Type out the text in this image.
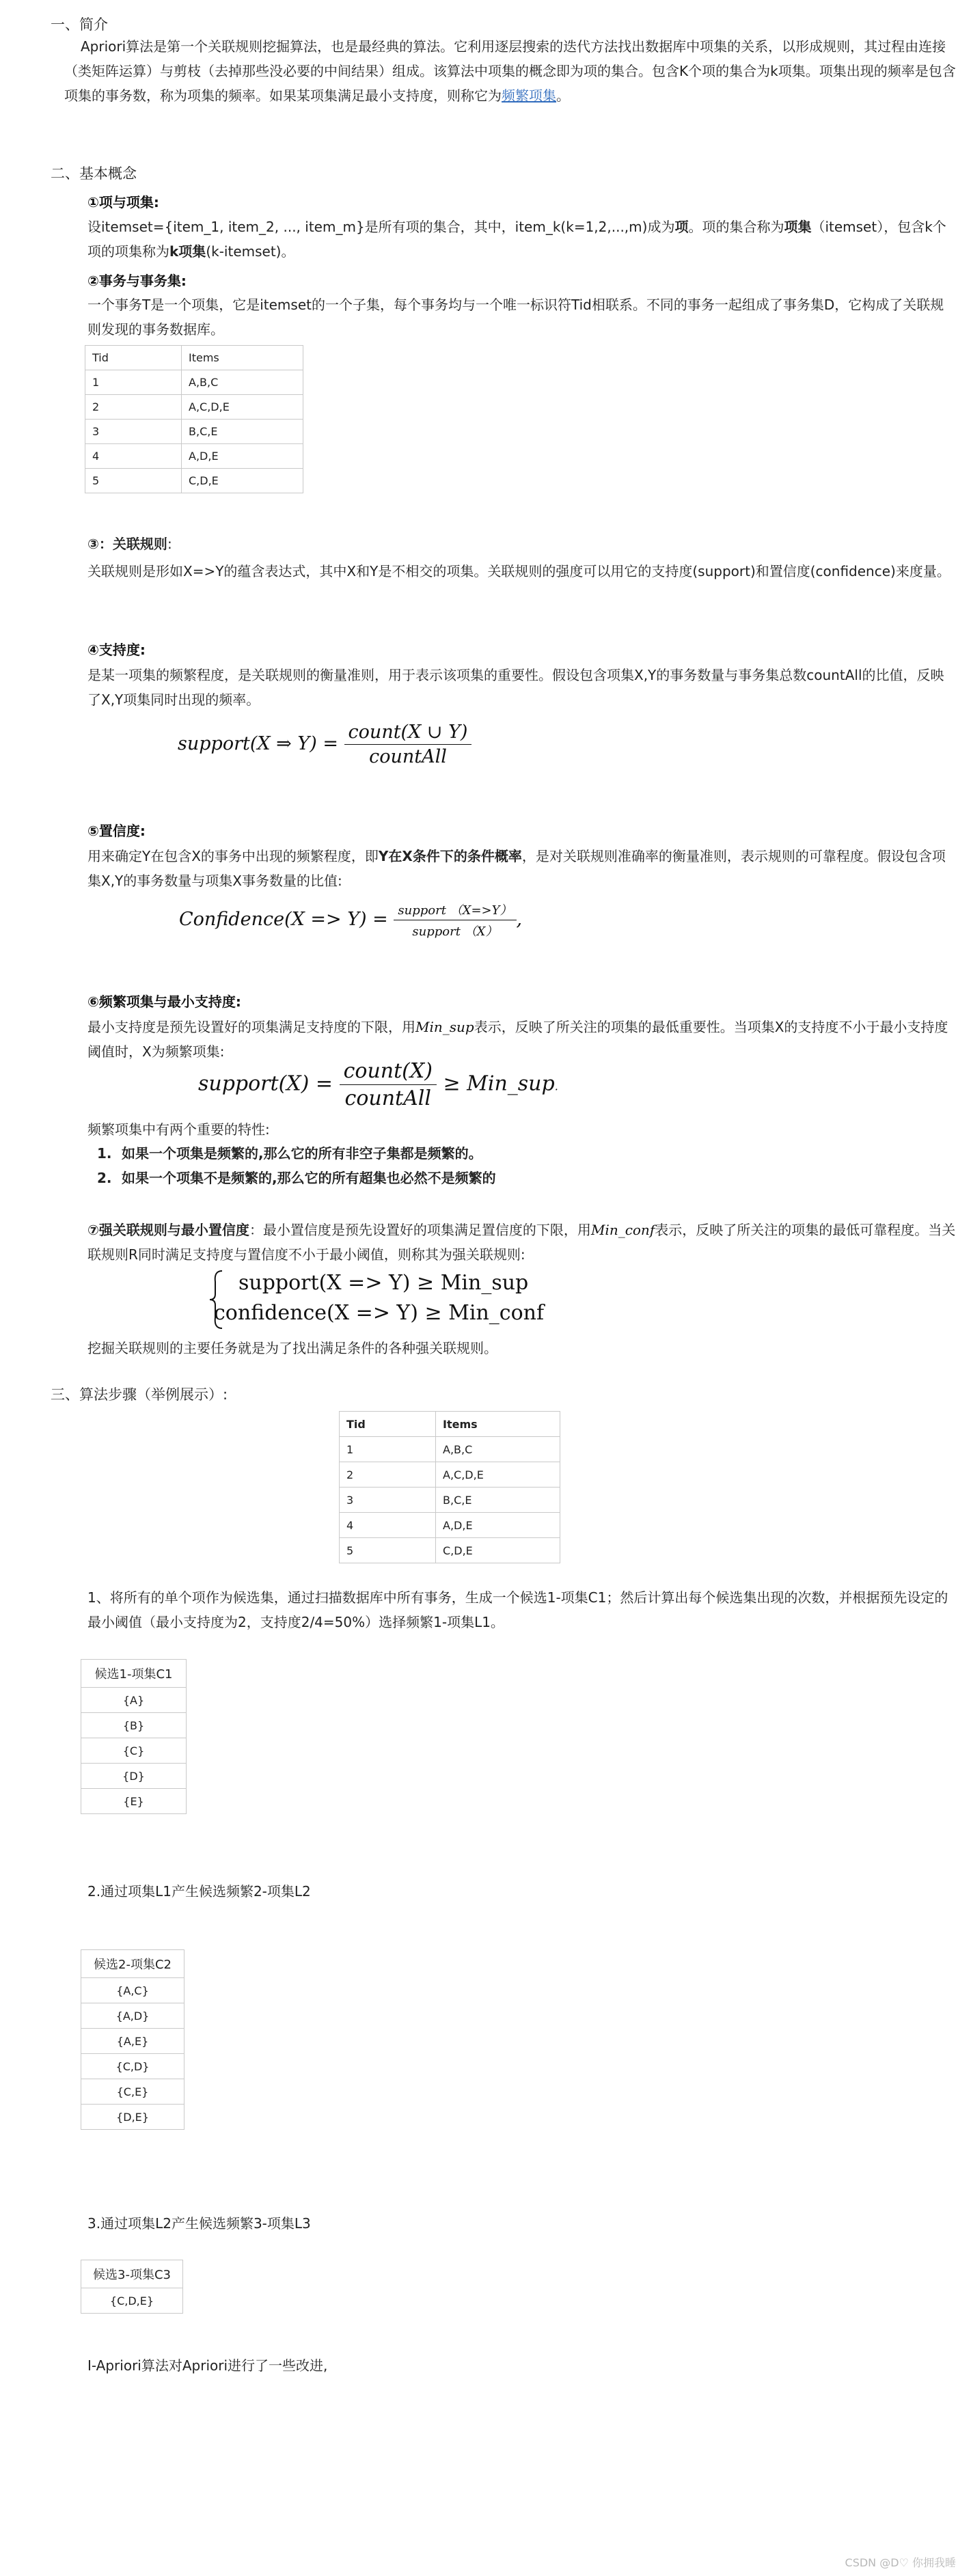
一、简介
Apriori算法是第一个关联规则挖掘算法，也是最经典的算法。它利用逐层搜索的迭代方法找出数据库中项集的关系，以形成规则，其过程由连接（类矩阵运算）与剪枝（去掉那些没必要的中间结果）组成。该算法中项集的概念即为项的集合。包含K个项的集合为k项集。项集出现的频率是包含项集的事务数，称为项集的频率。如果某项集满足最小支持度，则称它为频繁项集。
二、基本概念
①项与项集:
设itemset={item_1, item_2, ..., item_m}是所有项的集合，其中，item_k(k=1,2,...,m)成为项。项的集合称为项集（itemset），包含k个项的项集称为k项集(k-itemset)。
②事务与事务集:
一个事务T是一个项集，它是itemset的一个子集，每个事务均与一个唯一标识符Tid相联系。不同的事务一起组成了事务集D，它构成了关联规则发现的事务数据库。
Tid	Items
1	A,B,C
2	A,C,D,E
3	B,C,E
4	A,D,E
5	C,D,E
③：关联规则:
关联规则是形如X=>Y的蕴含表达式，其中X和Y是不相交的项集。关联规则的强度可以用它的支持度(support)和置信度(confidence)来度量。
④支持度:
是某一项集的频繁程度，是关联规则的衡量准则，用于表示该项集的重要性。假设包含项集X,Y的事务数量与事务集总数countAll的比值，反映了X,Y项集同时出现的频率。
support(X ⇒ $Y) = \frac{\text{count(X ∪ Y)}}{\text{countAll}}$
⑤置信度:
用来确定Y在包含X的事务中出现的频繁程度，即Y在X条件下的条件概率，是对关联规则准确率的衡量准则，表示规则的可靠程度。假设包含项集X,Y的事务数量与项集X事务数量的比值:
Confidence(X => $Y) = \frac{\text{support （X=>Y）}}{\text{support （X）}}$ ,
⑥频繁项集与最小支持度:
最小支持度是预先设置好的项集满足支持度的下限，用Min_sup表示，反映了所关注的项集的最低重要性。当项集X的支持度不小于最小支持度阈值时，X为频繁项集:
support(X) = $\frac{\text{count(X)}}{\text{countAll}}$ ≥ Min_sup.
频繁项集中有两个重要的特性:
1. 如果一个项集是频繁的,那么它的所有非空子集都是频繁的。
2. 如果一个项集不是频繁的,那么它的所有超集也必然不是频繁的
⑦强关联规则与最小置信度：最小置信度是预先设置好的项集满足置信度的下限，用Min_conf表示，反映了所关注的项集的最低可靠程度。当关联规则R同时满足支持度与置信度不小于最小阈值，则称其为强关联规则:
support(X => Y) ≥ Min_sup
confidence(X => Y) ≥ Min_conf
挖掘关联规则的主要任务就是为了找出满足条件的各种强关联规则。
三、算法步骤（举例展示）:
Tid	Items
1	A,B,C
2	A,C,D,E
3	B,C,E
4	A,D,E
5	C,D,E
1、将所有的单个项作为候选集，通过扫描数据库中所有事务，生成一个候选1-项集C1；然后计算出每个候选集出现的次数，并根据预先设定的最小阈值（最小支持度为2，支持度2/4=50%）选择频繁1-项集L1。
候选1-项集C1
{A}
{B}
{C}
{D}
{E}
2.通过项集L1产生候选频繁2-项集L2
候选2-项集C2
{A,C}
{A,D}
{A,E}
{C,D}
{C,E}
{D,E}
3.通过项集L2产生候选频繁3-项集L3
候选3-项集C3
{C,D,E}
I-Apriori算法对Apriori进行了一些改进,
CSDN @D♡ 你拥我睡
